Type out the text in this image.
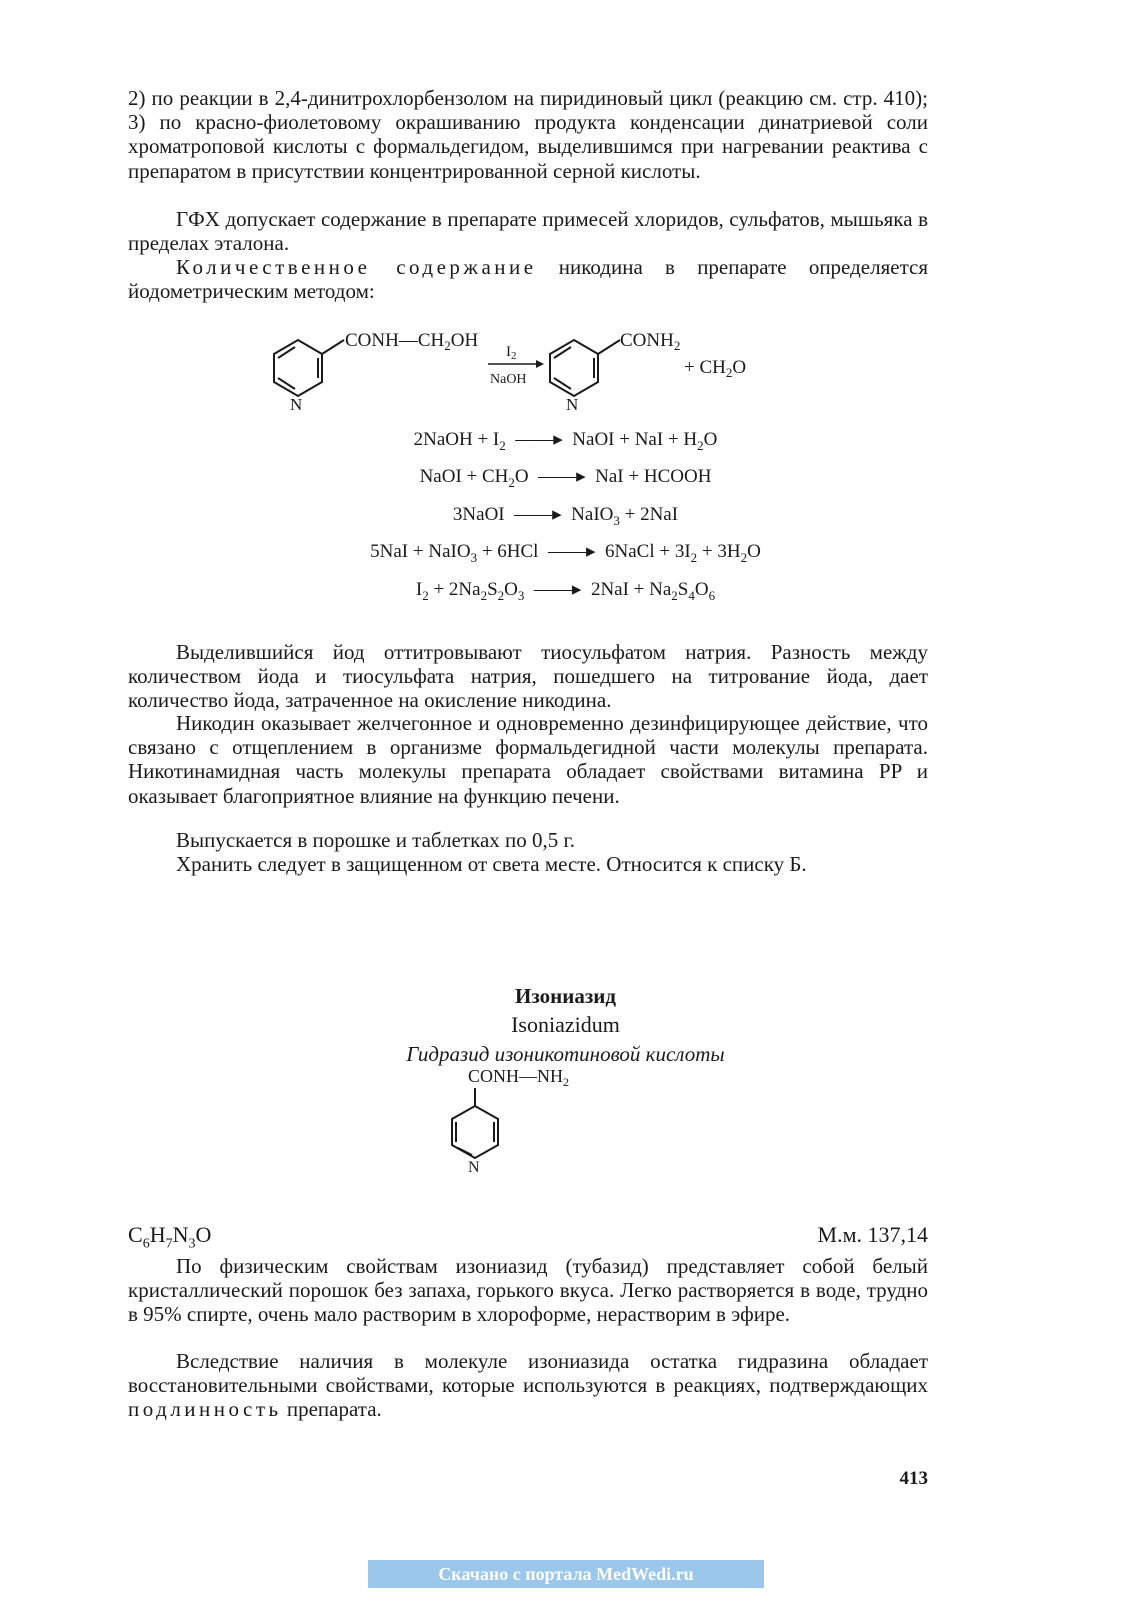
2) по реакции в 2,4-динитрохлорбензолом на пиридиновый цикл (реакцию см. стр. 410); 3) по красно-фиолетовому окрашиванию продукта конденсации динатриевой соли хроматроповой кислоты с формальдегидом, выделившимся при нагревании реактива с препаратом в присутствии концентрированной серной кислоты.

ГФХ допускает содержание в препарате примесей хлоридов, сульфатов, мышьяка в пределах эталона.

Количественное содержание никодина в препарате определяется йодометрическим методом:

$CONH—CH_2OH$
N
$I_2$
NaOH
$CONH_2$
N
+ $CH_2O$
2NaOH + $I_2$  ——▸  NaOI + NaI + $H_2O$
NaOI + $CH_2O$  ——▸  NaI + HCOOH
3NaOI  ——▸  NaIO$_3$ + 2NaI
5NaI + NaIO$_3$ + 6HCl  ——▸  6NaCl + $3I_2 + 3H_2O$
$I_2 + 2Na_2S_2O_3$  ——▸  $2NaI + Na_2S_4O_6$

Выделившийся йод оттитровывают тиосульфатом натрия. Разность между количеством йода и тиосульфата натрия, пошедшего на титрование йода, дает количество йода, затраченное на окисление никодина.

Никодин оказывает желчегонное и одновременно дезинфицирующее действие, что связано с отщеплением в организме формальдегидной части молекулы препарата. Никотинамидная часть молекулы препарата обладает свойствами витамина PP и оказывает благоприятное влияние на функцию печени.

Выпускается в порошке и таблетках по 0,5 г.

Хранить следует в защищенном от света месте. Относится к списку Б.

Изониазид
Isoniazidum
Гидразид изоникотиновой кислоты
$CONH—NH_2$
N
$C_6H_7N_3O$	М.м. 137,14

По физическим свойствам изониазид (тубазид) представляет собой белый кристаллический порошок без запаха, горького вкуса. Легко растворяется в воде, трудно в 95% спирте, очень мало растворим в хлороформе, нерастворим в эфире.

Вследствие наличия в молекуле изониазида остатка гидразина обладает восстановительными свойствами, которые используются в реакциях, подтверждающих подлинность препарата.

413
Скачано с портала MedWedi.ru
